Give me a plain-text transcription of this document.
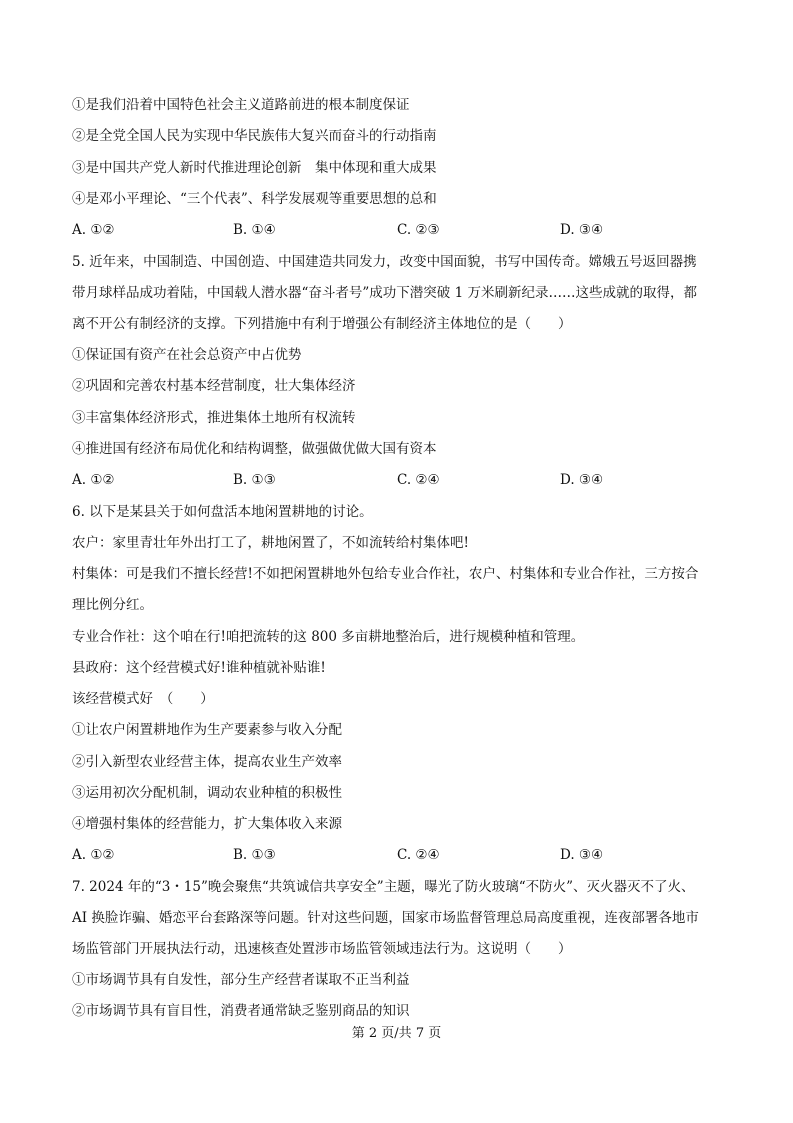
①是我们沿着中国特色社会主义道路前进的根本制度保证
②是全党全国人民为实现中华民族伟大复兴而奋斗的行动指南
③是中国共产党人新时代推进理论创新　集中体现和重大成果
④是邓小平理论、“三个代表”、科学发展观等重要思想的总和
A. ①②	B. ①④	C. ②③	D. ③④
5. 近年来，中国制造、中国创造、中国建造共同发力，改变中国面貌，书写中国传奇。嫦娥五号返回器携
带月球样品成功着陆，中国载人潜水器“奋斗者号”成功下潜突破 1 万米刷新纪录……这些成就的取得，都
离不开公有制经济的支撑。下列措施中有利于增强公有制经济主体地位的是（　　）
①保证国有资产在社会总资产中占优势
②巩固和完善农村基本经营制度，壮大集体经济
③丰富集体经济形式，推进集体土地所有权流转
④推进国有经济布局优化和结构调整，做强做优做大国有资本
A. ①②	B. ①③	C. ②④	D. ③④
6. 以下是某县关于如何盘活本地闲置耕地的讨论。
农户：家里青壮年外出打工了，耕地闲置了，不如流转给村集体吧!
村集体：可是我们不擅长经营!不如把闲置耕地外包给专业合作社，农户、村集体和专业合作社，三方按合
理比例分红。
专业合作社：这个咱在行!咱把流转的这 800 多亩耕地整治后，进行规模种植和管理。
县政府：这个经营模式好!谁种植就补贴谁!
该经营模式好　（　　）
①让农户闲置耕地作为生产要素参与收入分配
②引入新型农业经营主体，提高农业生产效率
③运用初次分配机制，调动农业种植的积极性
④增强村集体的经营能力，扩大集体收入来源
A. ①②	B. ①③	C. ②④	D. ③④
7. 2024 年的“3・15”晚会聚焦“共筑诚信共享安全”主题，曝光了防火玻璃“不防火”、灭火器灭不了火、
AI 换脸诈骗、婚恋平台套路深等问题。针对这些问题，国家市场监督管理总局高度重视，连夜部署各地市
场监管部门开展执法行动，迅速核查处置涉市场监管领域违法行为。这说明（　　）
①市场调节具有自发性，部分生产经营者谋取不正当利益
②市场调节具有盲目性，消费者通常缺乏鉴别商品的知识
第 2 页/共 7 页
